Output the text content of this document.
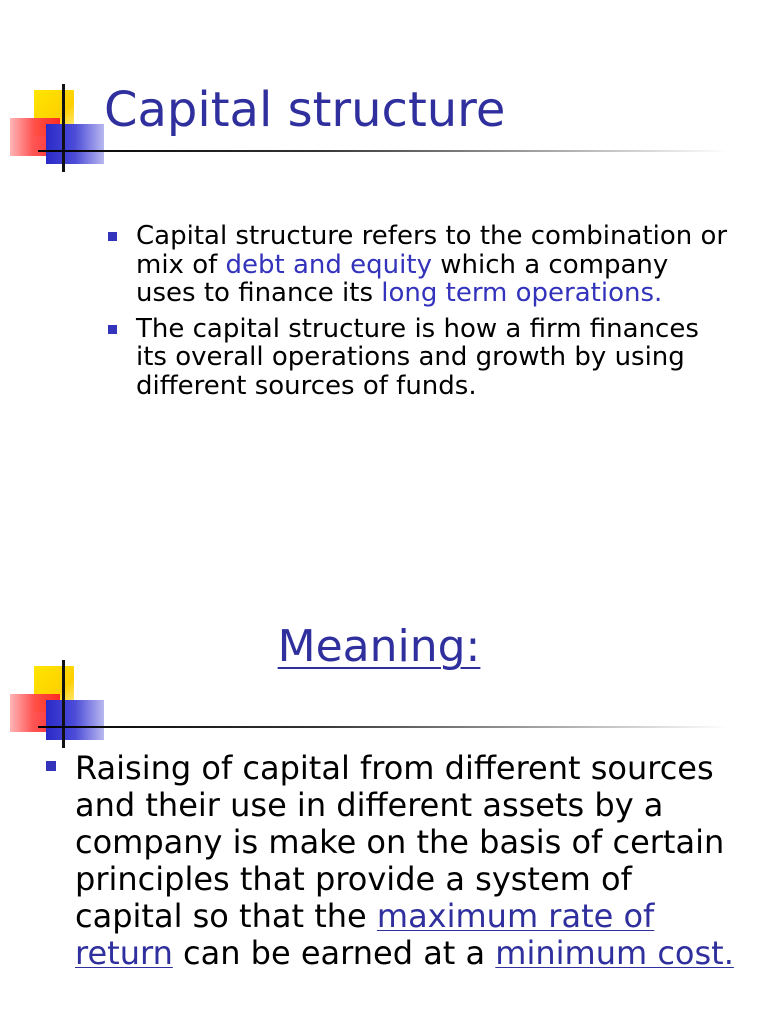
Capital structure
Capital structure refers to the combination or mix of debt and equity which a company uses to finance its long term operations.
The capital structure is how a firm finances its overall operations and growth by using different sources of funds.
Meaning:
Raising of capital from different sources and their use in different assets by a company is make on the basis of certain principles that provide a system of capital so that the maximum rate of return can be earned at a minimum cost.
